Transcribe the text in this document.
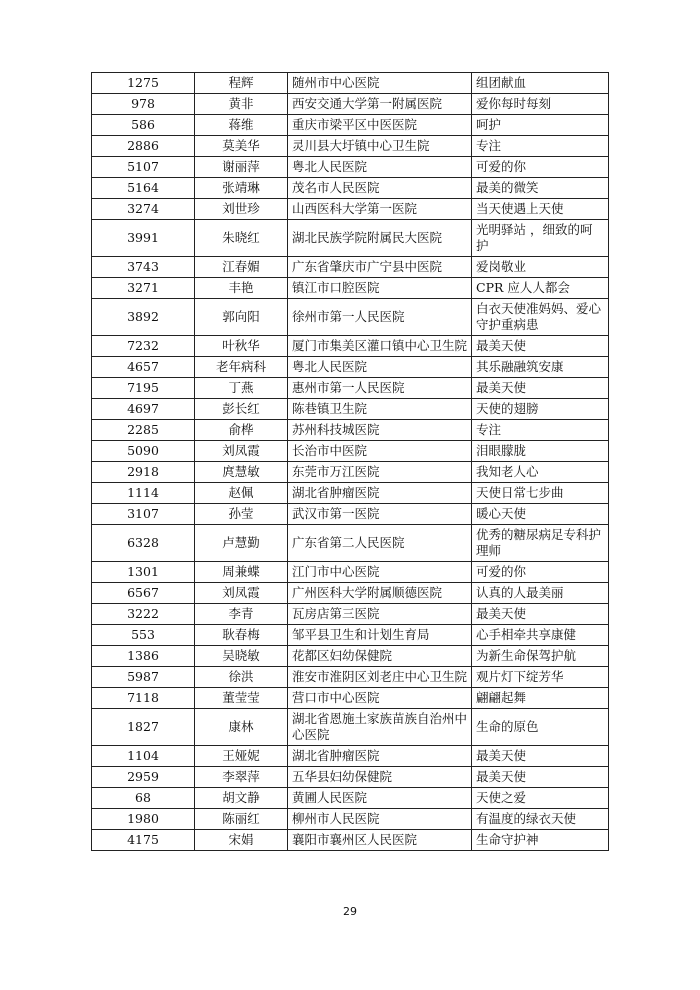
1275	程辉	随州市中心医院	组团献血
978	黄非	西安交通大学第一附属医院	爱你每时每刻
586	蒋维	重庆市梁平区中医医院	呵护
2886	莫美华	灵川县大圩镇中心卫生院	专注
5107	谢丽萍	粤北人民医院	可爱的你
5164	张靖琳	茂名市人民医院	最美的微笑
3274	刘世珍	山西医科大学第一医院	当天使遇上天使
3991	朱晓红	湖北民族学院附属民大医院	光明驿站 ，细致的呵护
3743	江春媚	广东省肇庆市广宁县中医院	爱岗敬业
3271	丰艳	镇江市口腔医院	CPR 应人人都会
3892	郭向阳	徐州市第一人民医院	白衣天使准妈妈、爱心守护重病患
7232	叶秋华	厦门市集美区灌口镇中心卫生院	最美天使
4657	老年病科	粤北人民医院	其乐融融筑安康
7195	丁燕	惠州市第一人民医院	最美天使
4697	彭长红	陈巷镇卫生院	天使的翅膀
2285	俞桦	苏州科技城医院	专注
5090	刘凤霞	长治市中医院	泪眼朦胧
2918	庹慧敏	东莞市万江医院	我知老人心
1114	赵佩	湖北省肿瘤医院	天使日常七步曲
3107	孙莹	武汉市第一医院	暖心天使
6328	卢慧勤	广东省第二人民医院	优秀的糖尿病足专科护理师
1301	周兼蝶	江门市中心医院	可爱的你
6567	刘凤霞	广州医科大学附属顺德医院	认真的人最美丽
3222	李青	瓦房店第三医院	最美天使
553	耿春梅	邹平县卫生和计划生育局	心手相牵共享康健
1386	吴晓敏	花都区妇幼保健院	为新生命保驾护航
5987	徐洪	淮安市淮阴区刘老庄中心卫生院	观片灯下绽芳华
7118	董莹莹	营口市中心医院	翩翩起舞
1827	康林	湖北省恩施土家族苗族自治州中心医院	生命的原色
1104	王娅妮	湖北省肿瘤医院	最美天使
2959	李翠萍	五华县妇幼保健院	最美天使
68	胡文静	黄圃人民医院	天使之爱
1980	陈丽红	柳州市人民医院	有温度的绿衣天使
4175	宋娟	襄阳市襄州区人民医院	生命守护神
29
